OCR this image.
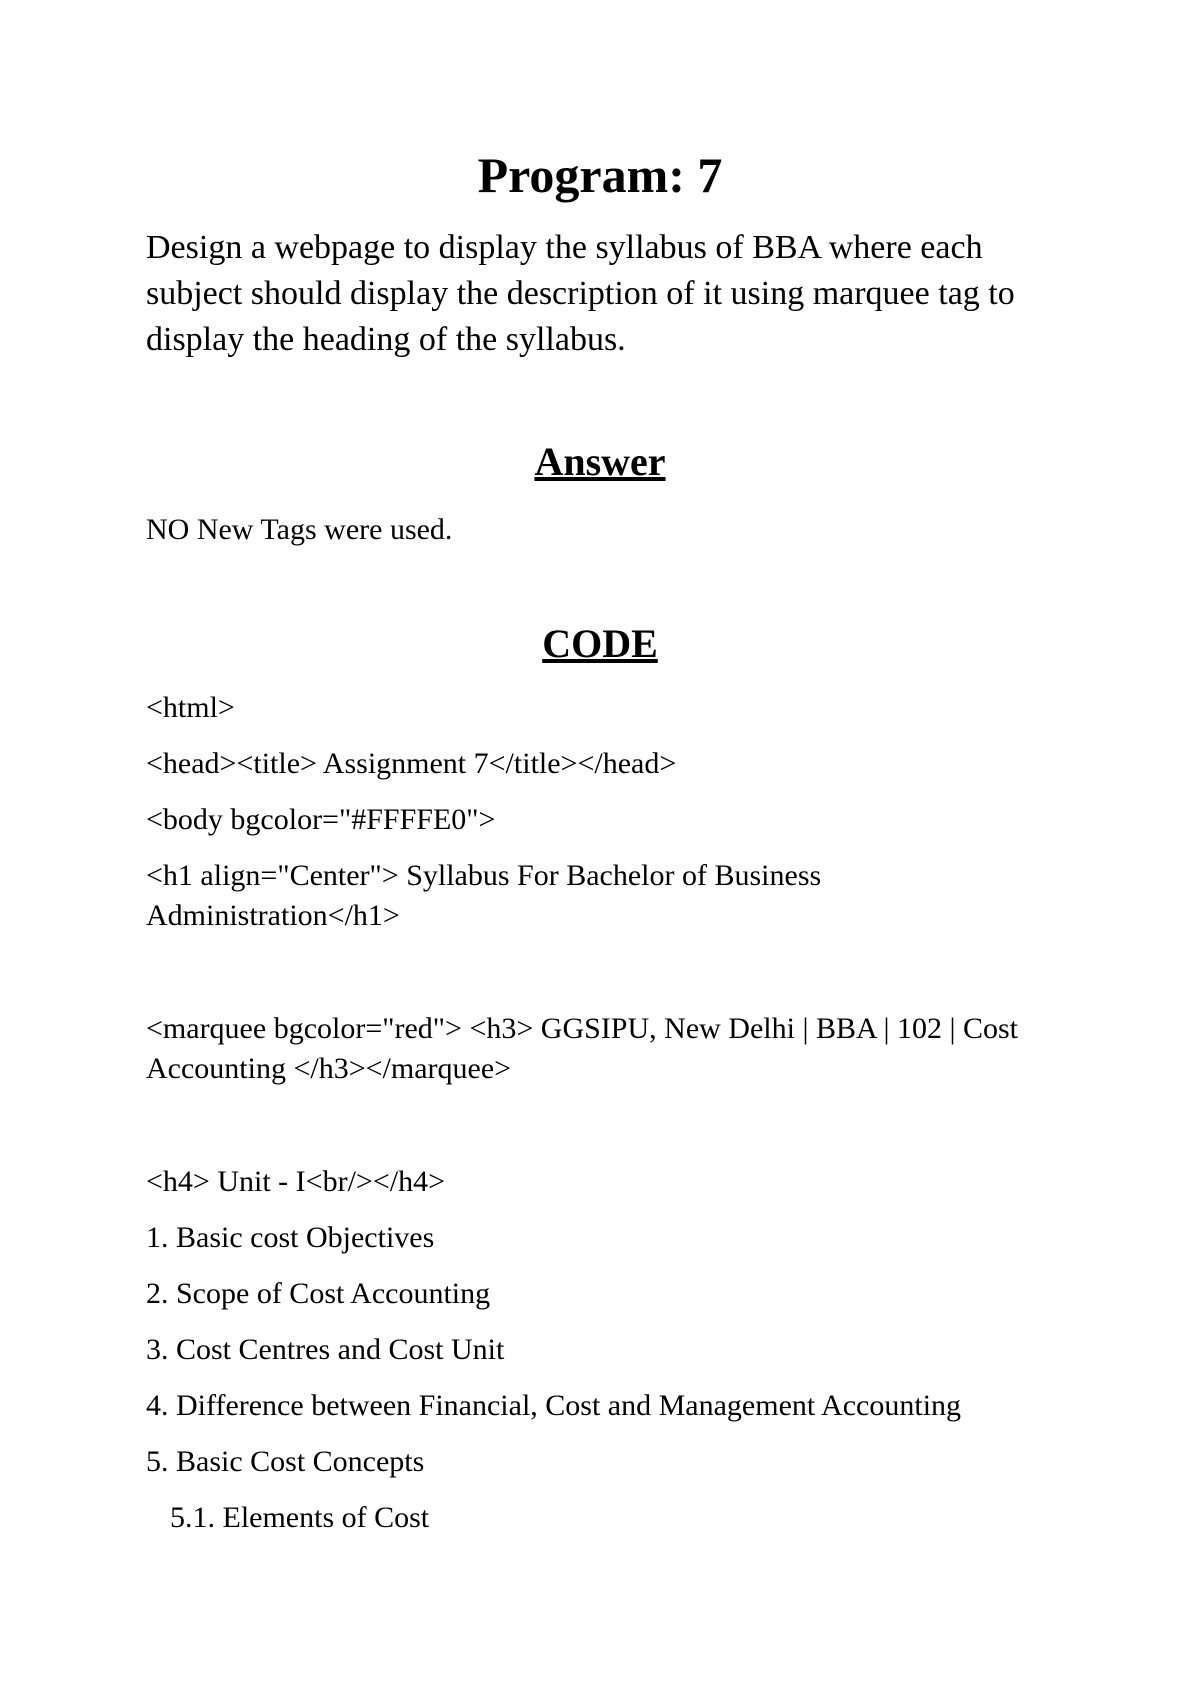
Program: 7

Design a webpage to display the syllabus of BBA where each subject should display the description of it using marquee tag to display the heading of the syllabus.

Answer

NO New Tags were used.

CODE

<html>

<head><title> Assignment 7</title></head>

<body bgcolor="#FFFFE0">

<h1 align="Center"> Syllabus For Bachelor of Business Administration</h1>

<marquee bgcolor="red"> <h3> GGSIPU, New Delhi | BBA | 102 | Cost Accounting </h3></marquee>

<h4> Unit - I<br/></h4>

1. Basic cost Objectives

2. Scope of Cost Accounting

3. Cost Centres and Cost Unit

4. Difference between Financial, Cost and Management Accounting

5. Basic Cost Concepts

5.1. Elements of Cost
